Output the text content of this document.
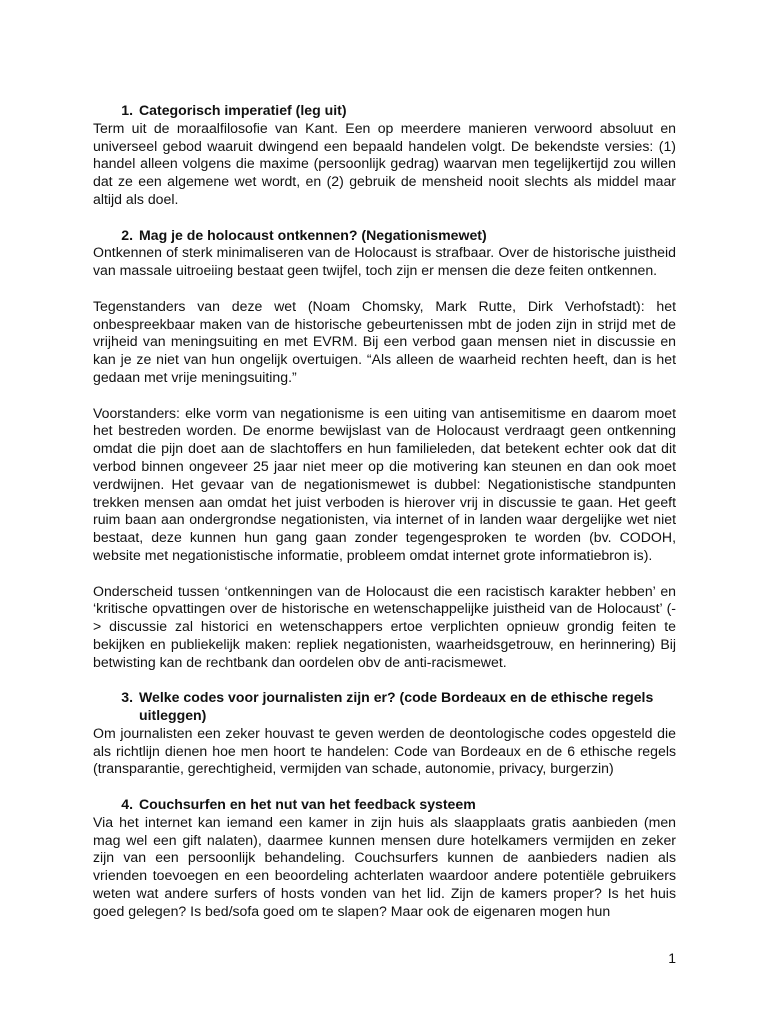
1. Categorisch imperatief (leg uit)

Term uit de moraalfilosofie van Kant. Een op meerdere manieren verwoord absoluut en universeel gebod waaruit dwingend een bepaald handelen volgt. De bekendste versies: (1) handel alleen volgens die maxime (persoonlijk gedrag) waarvan men tegelijkertijd zou willen dat ze een algemene wet wordt, en (2) gebruik de mensheid nooit slechts als middel maar altijd als doel.

2. Mag je de holocaust ontkennen? (Negationismewet)

Ontkennen of sterk minimaliseren van de Holocaust is strafbaar. Over de historische juistheid van massale uitroeiing bestaat geen twijfel, toch zijn er mensen die deze feiten ontkennen.

Tegenstanders van deze wet (Noam Chomsky, Mark Rutte, Dirk Verhofstadt): het onbespreekbaar maken van de historische gebeurtenissen mbt de joden zijn in strijd met de vrijheid van meningsuiting en met EVRM. Bij een verbod gaan mensen niet in discussie en kan je ze niet van hun ongelijk overtuigen. “Als alleen de waarheid rechten heeft, dan is het gedaan met vrije meningsuiting.”

Voorstanders: elke vorm van negationisme is een uiting van antisemitisme en daarom moet het bestreden worden. De enorme bewijslast van de Holocaust verdraagt geen ontkenning omdat die pijn doet aan de slachtoffers en hun familieleden, dat betekent echter ook dat dit verbod binnen ongeveer 25 jaar niet meer op die motivering kan steunen en dan ook moet verdwijnen. Het gevaar van de negationismewet is dubbel: Negationistische standpunten trekken mensen aan omdat het juist verboden is hierover vrij in discussie te gaan. Het geeft ruim baan aan ondergrondse negationisten, via internet of in landen waar dergelijke wet niet bestaat, deze kunnen hun gang gaan zonder tegengesproken te worden (bv. CODOH, website met negationistische informatie, probleem omdat internet grote informatiebron is).

Onderscheid tussen ‘ontkenningen van de Holocaust die een racistisch karakter hebben’ en ‘kritische opvattingen over de historische en wetenschappelijke juistheid van de Holocaust’ (-> discussie zal historici en wetenschappers ertoe verplichten opnieuw grondig feiten te bekijken en publiekelijk maken: repliek negationisten, waarheidsgetrouw, en herinnering) Bij betwisting kan de rechtbank dan oordelen obv de anti-racismewet.

3. Welke codes voor journalisten zijn er? (code Bordeaux en de ethische regels uitleggen)

Om journalisten een zeker houvast te geven werden de deontologische codes opgesteld die als richtlijn dienen hoe men hoort te handelen: Code van Bordeaux en de 6 ethische regels (transparantie, gerechtigheid, vermijden van schade, autonomie, privacy, burgerzin)

4. Couchsurfen en het nut van het feedback systeem

Via het internet kan iemand een kamer in zijn huis als slaapplaats gratis aanbieden (men mag wel een gift nalaten), daarmee kunnen mensen dure hotelkamers vermijden en zeker zijn van een persoonlijk behandeling. Couchsurfers kunnen de aanbieders nadien als vrienden toevoegen en een beoordeling achterlaten waardoor andere potentiële gebruikers weten wat andere surfers of hosts vonden van het lid. Zijn de kamers proper? Is het huis goed gelegen? Is bed/sofa goed om te slapen? Maar ook de eigenaren mogen hun

1
